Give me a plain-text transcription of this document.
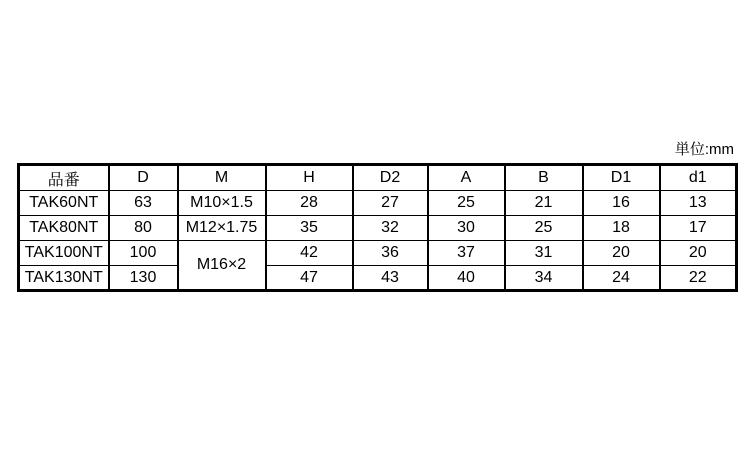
単位:mm
品番	D	M	H	D2	A	B	D1	d1
TAK60NT	63	M10×1.5	28	27	25	21	16	13
TAK80NT	80	M12×1.75	35	32	30	25	18	17
TAK100NT	100	M16×2	42	36	37	31	20	20
TAK130NT	130		47	43	40	34	24	22
